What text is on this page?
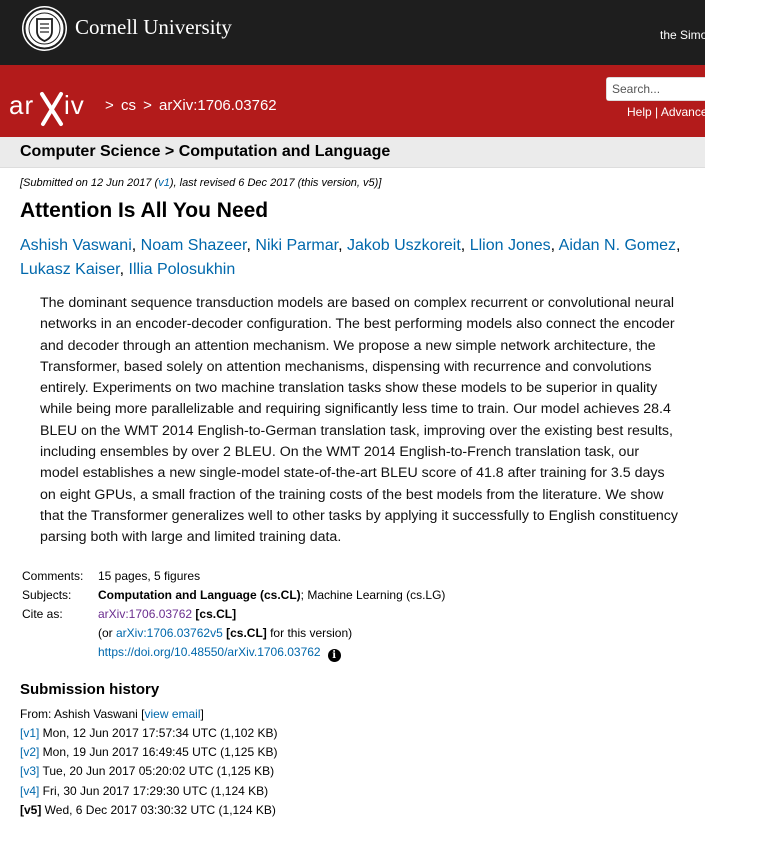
Cornell University	the Simons Foundation
ar iv > cs > arXiv:1706.03762
Search...	Help | Advanced
Computer Science > Computation and Language
[Submitted on 12 Jun 2017 (v1), last revised 6 Dec 2017 (this version, v5)]
Attention Is All You Need
Ashish Vaswani, Noam Shazeer, Niki Parmar, Jakob Uszkoreit, Llion Jones, Aidan N. Gomez, Lukasz Kaiser, Illia Polosukhin
The dominant sequence transduction models are based on complex recurrent or convolutional neural networks in an encoder-decoder configuration. The best performing models also connect the encoder and decoder through an attention mechanism. We propose a new simple network architecture, the Transformer, based solely on attention mechanisms, dispensing with recurrence and convolutions entirely. Experiments on two machine translation tasks show these models to be superior in quality while being more parallelizable and requiring significantly less time to train. Our model achieves 28.4 BLEU on the WMT 2014 English-to-German translation task, improving over the existing best results, including ensembles by over 2 BLEU. On the WMT 2014 English-to-French translation task, our model establishes a new single-model state-of-the-art BLEU score of 41.8 after training for 3.5 days on eight GPUs, a small fraction of the training costs of the best models from the literature. We show that the Transformer generalizes well to other tasks by applying it successfully to English constituency parsing both with large and limited training data.
Comments:	15 pages, 5 figures
Subjects:	Computation and Language (cs.CL); Machine Learning (cs.LG)
Cite as:	arXiv:1706.03762 [cs.CL]
(or arXiv:1706.03762v5 [cs.CL] for this version)
https://doi.org/10.48550/arXiv.1706.03762 i
Submission history
From: Ashish Vaswani [view email]
[v1] Mon, 12 Jun 2017 17:57:34 UTC (1,102 KB)
[v2] Mon, 19 Jun 2017 16:49:45 UTC (1,125 KB)
[v3] Tue, 20 Jun 2017 05:20:02 UTC (1,125 KB)
[v4] Fri, 30 Jun 2017 17:29:30 UTC (1,124 KB)
[v5] Wed, 6 Dec 2017 03:30:32 UTC (1,124 KB)
